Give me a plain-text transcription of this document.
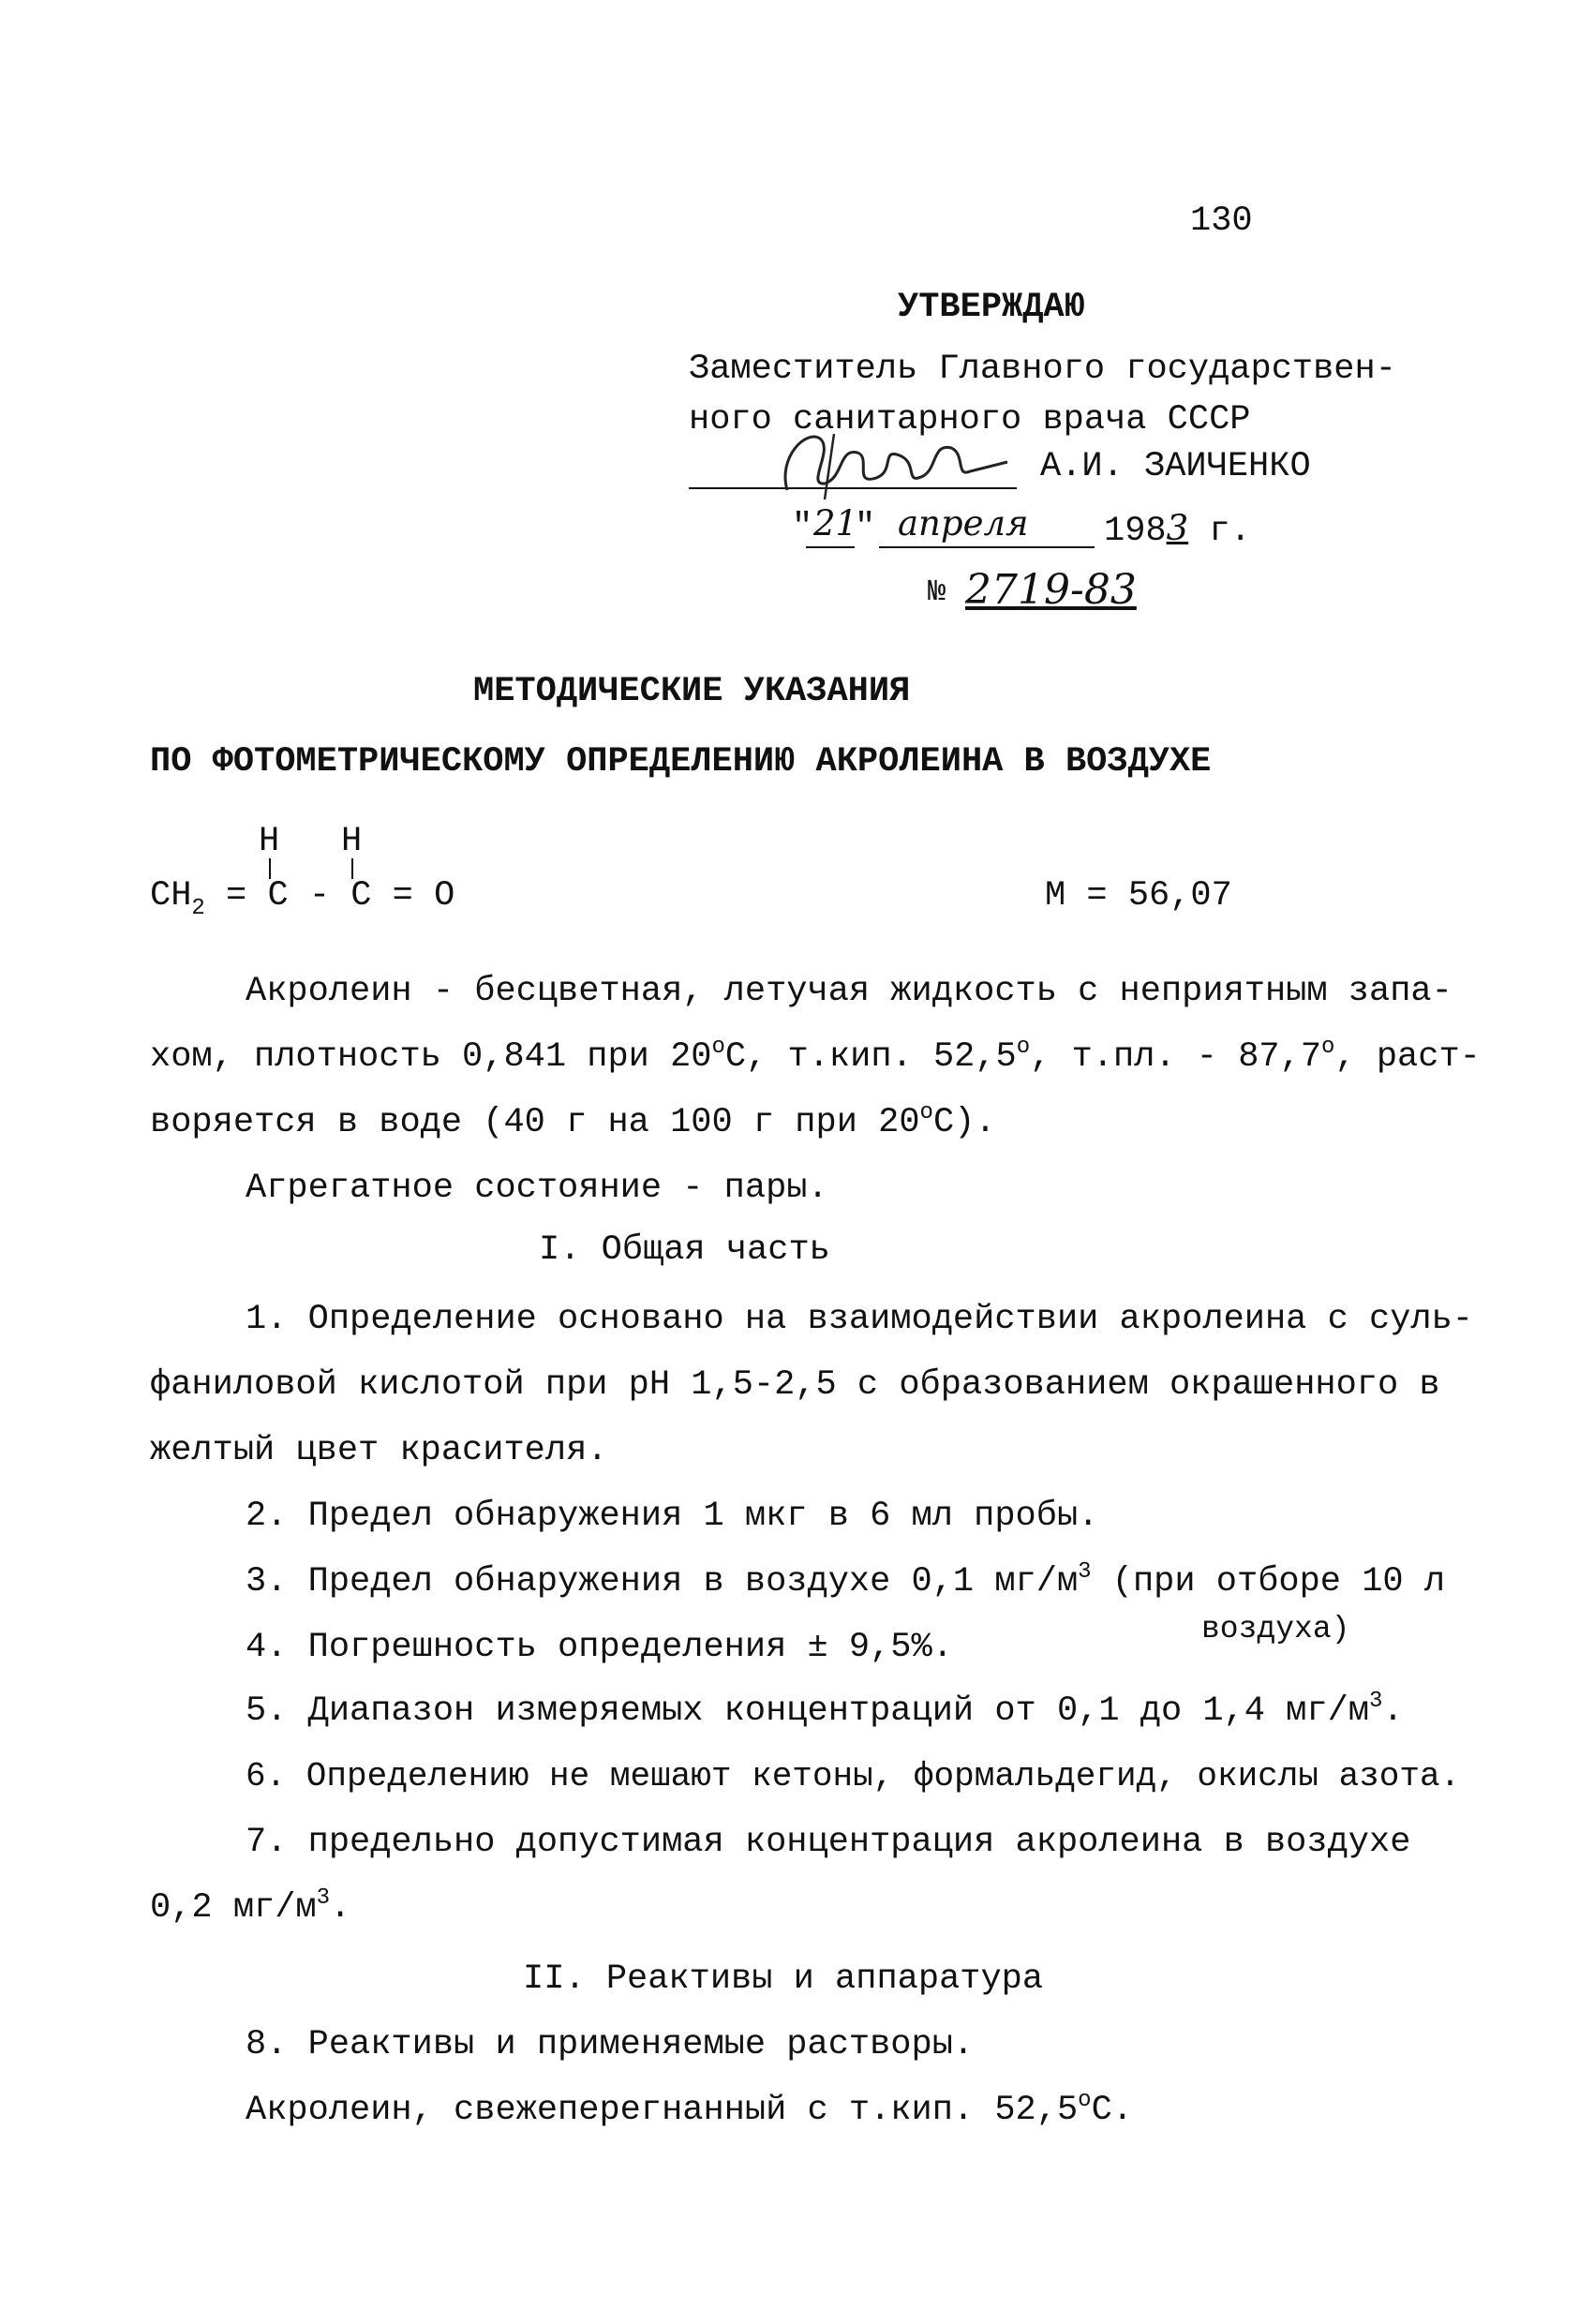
130
УТВЕРЖДАЮ
Заместитель Главного государствен-
ного санитарного врача СССР
А.И. ЗАИЧЕНКО
" 21
" апреля 1983 г.
№ 2719-83
МЕТОДИЧЕСКИЕ УКАЗАНИЯ
ПО ФОТОМЕТРИЧЕСКОМУ ОПРЕДЕЛЕНИЮ АКРОЛЕИНА В ВОЗДУХЕ
Н Н
$CH_2 = C - C = O$	М = 56,07
Акролеин - бесцветная, летучая жидкость с неприятным запа-
хом, плотность 0,841 при $20^оС$, т.кип. $52,5^о$, т.пл. - $87,7^о$, раст-
воряется в воде (40 г на 100 г при $20^оС$).
Агрегатное состояние - пары.
I. Общая часть
1. Определение основано на взаимодействии акролеина с суль-
фаниловой кислотой при рН 1,5-2,5 с образованием окрашенного в
желтый цвет красителя.
2. Предел обнаружения 1 мкг в 6 мл пробы.
3. Предел обнаружения в воздухе 0,1 $мг/м^3$ (при отборе 10 л
воздуха)
4. Погрешность определения ± 9,5%.
5. Диапазон измеряемых концентраций от 0,1 до 1,4 $мг/м^3$.
6. Определению не мешают кетоны, формальдегид, окислы азота.
7. предельно допустимая концентрация акролеина в воздухе
0,2 $мг/м^3$.
II. Реактивы и аппаратура
8. Реактивы и применяемые растворы.
Акролеин, свежеперегнанный с т.кип. $52,5^оС$.
